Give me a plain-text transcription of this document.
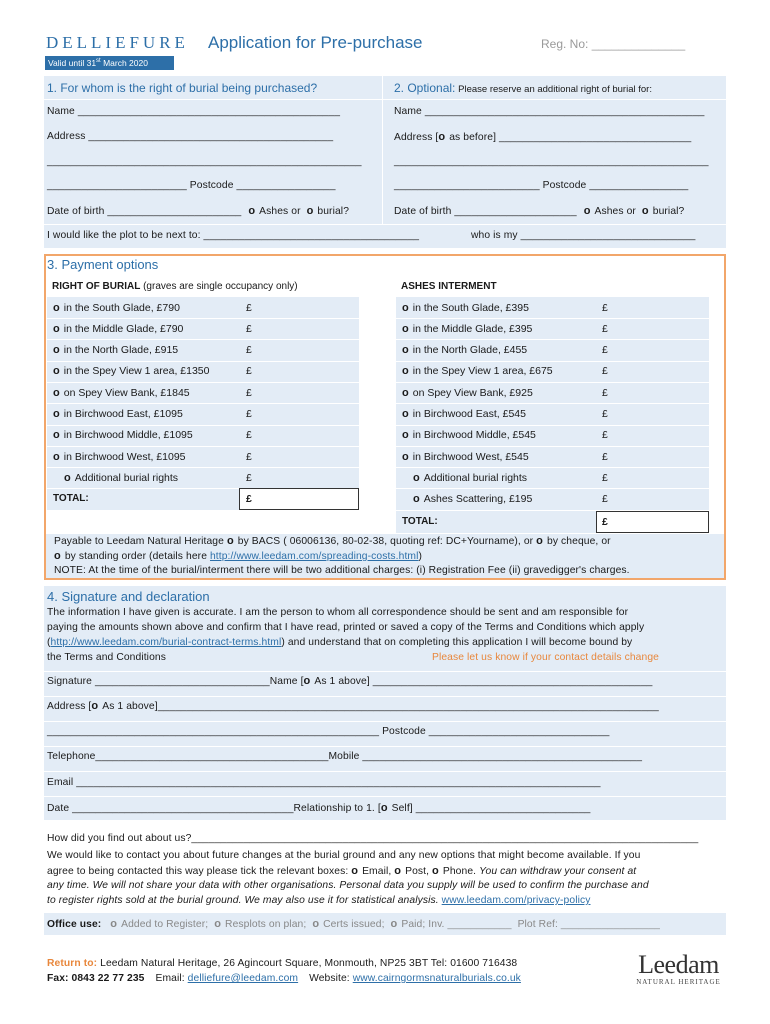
DELLIEFURE Application for Pre-purchase	Reg. No: ______________
Valid until 31st March 2020
1. For whom is the right of burial being purchased?
Name _____________________________________________
Address __________________________________________
______________________________________________________
________________________ Postcode _________________
Date of birth _______________________ o Ashes or o burial?
2. Optional: Please reserve an additional right of burial for:
Name ________________________________________________
Address [o as before] _________________________________
______________________________________________________
_________________________ Postcode _________________
Date of birth _____________________ o Ashes or o burial?
I would like the plot to be next to: _____________________________________	who is my ______________________________
3. Payment options
RIGHT OF BURIAL (graves are single occupancy only)	ASHES INTERMENT
o in the South Glade, £790	£
o in the Middle Glade, £790	£
o in the North Glade, £915	£
o in the Spey View 1 area, £1350	£
o on Spey View Bank, £1845	£
o in Birchwood East, £1095	£
o in Birchwood Middle, £1095	£
o in Birchwood West, £1095	£
o Additional burial rights	£
TOTAL:	£
o in the South Glade, £395	£
o in the Middle Glade, £395	£
o in the North Glade, £455	£
o in the Spey View 1 area, £675	£
o on Spey View Bank, £925	£
o in Birchwood East, £545	£
o in Birchwood Middle, £545	£
o in Birchwood West, £545	£
o Additional burial rights	£
o Ashes Scattering, £195	£
TOTAL:	£
Payable to Leedam Natural Heritage o by BACS ( 06006136, 80-02-38, quoting ref: DC+Yourname), or o by cheque, or
o by standing order (details here http://www.leedam.com/spreading-costs.html)
NOTE: At the time of the burial/interment there will be two additional charges: (i) Registration Fee (ii) gravedigger's charges.
4. Signature and declaration
The information I have given is accurate. I am the person to whom all correspondence should be sent and am responsible for
paying the amounts shown above and confirm that I have read, printed or saved a copy of the Terms and Conditions which apply
(http://www.leedam.com/burial-contract-terms.html) and understand that on completing this application I will become bound by
the Terms and Conditions	Please let us know if your contact details change
Signature ______________________________Name [o As 1 above] ________________________________________________
Address [o As 1 above]______________________________________________________________________________________
_________________________________________________________ Postcode _______________________________
Telephone________________________________________Mobile ________________________________________________
Email __________________________________________________________________________________________
Date ______________________________________Relationship to 1. [o Self] ______________________________
How did you find out about us?_______________________________________________________________________________________
We would like to contact you about future changes at the burial ground and any new options that might become available. If you
agree to being contacted this way please tick the relevant boxes: o Email, o Post, o Phone. You can withdraw your consent at
any time. We will not share your data with other organisations. Personal data you supply will be used to confirm the purchase and
to register rights sold at the burial ground. We may also use it for statistical analysis. www.leedam.com/privacy-policy
Office use: o Added to Register; o Resplots on plan; o Certs issued; o Paid; Inv. ___________ Plot Ref: _________________
Return to: Leedam Natural Heritage, 26 Agincourt Square, Monmouth, NP25 3BT Tel: 01600 716438
Fax: 0843 22 77 235 Email: delliefure@leedam.com Website: www.cairngormsnaturalburials.co.uk	Leedam
NATURAL HERITAGE
